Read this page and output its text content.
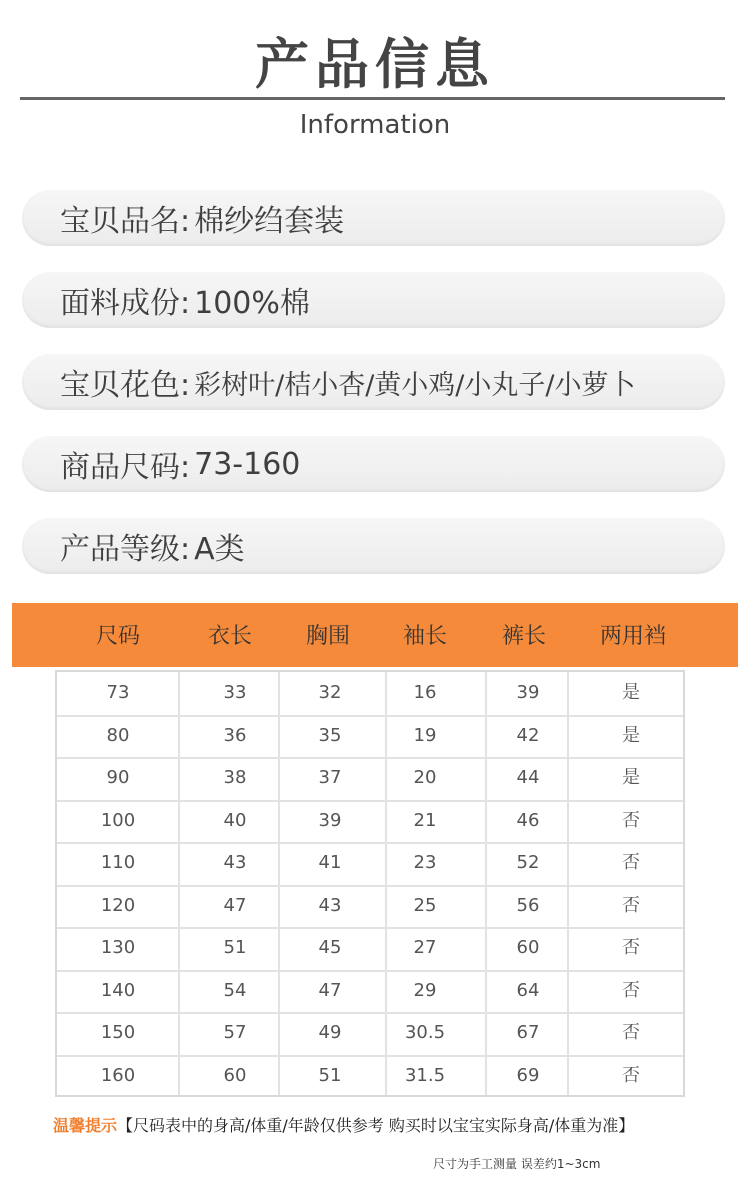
产品信息
Information
宝贝品名: 棉纱绉套装
面料成份: 100%棉
宝贝花色: 彩树叶/桔小杏/黄小鸡/小丸子/小萝卜
商品尺码: 73-160
产品等级: A类
尺码	衣长	胸围	袖长	裤长	两用裆
73	33	32	16	39	是
80	36	35	19	42	是
90	38	37	20	44	是
100	40	39	21	46	否
110	43	41	23	52	否
120	47	43	25	56	否
130	51	45	27	60	否
140	54	47	29	64	否
150	57	49	30.5	67	否
160	60	51	31.5	69	否
温馨提示【尺码表中的身高/体重/年龄仅供参考 购买时以宝宝实际身高/体重为准】
尺寸为手工测量 误差约1~3cm
